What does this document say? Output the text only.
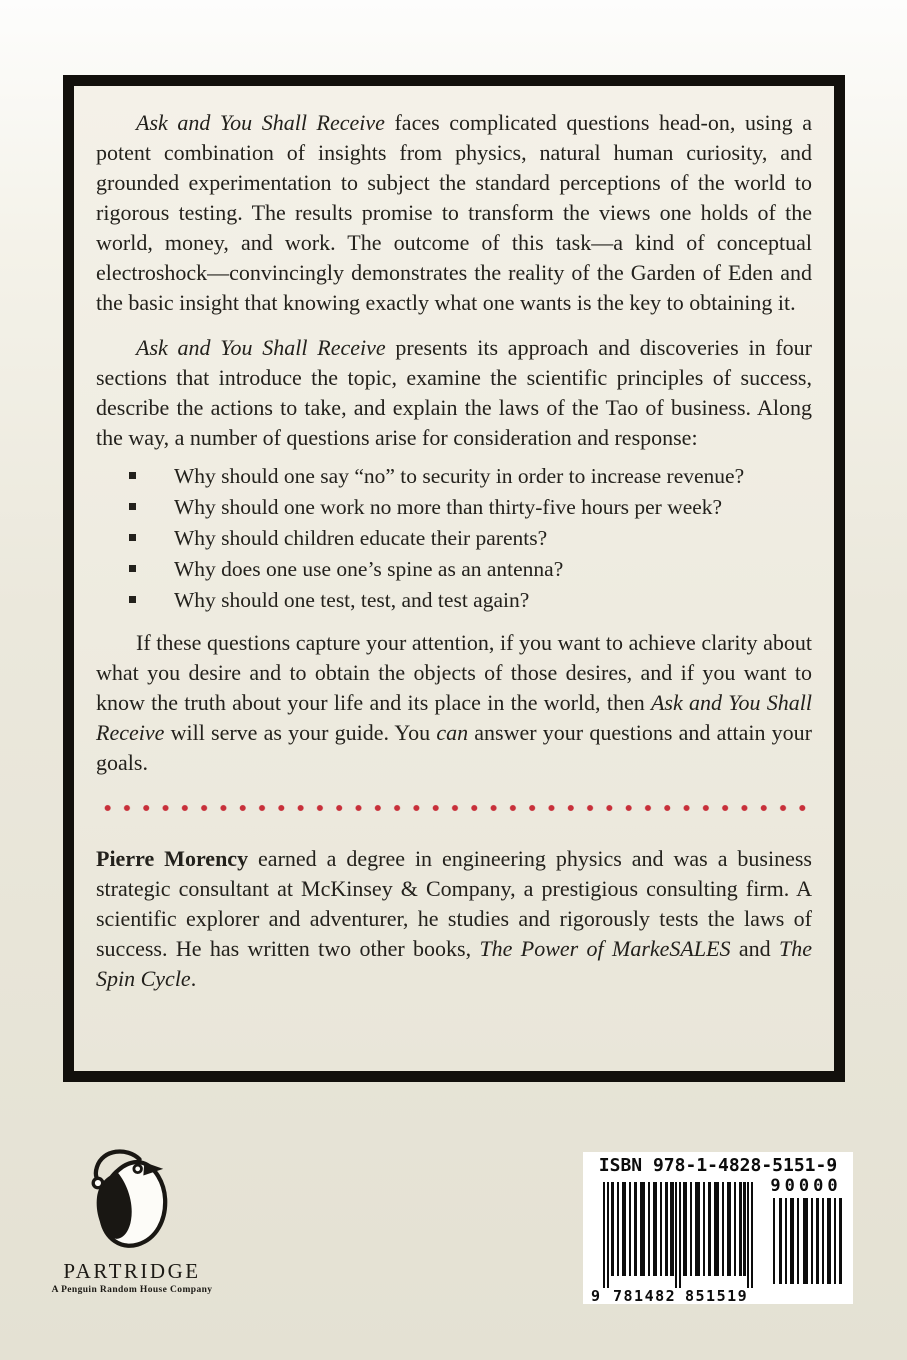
Ask and You Shall Receive faces complicated questions head-on, using a potent combination of insights from physics, natural human curiosity, and grounded experimentation to subject the standard perceptions of the world to rigorous testing. The results promise to transform the views one holds of the world, money, and work. The outcome of this task—a kind of conceptual electroshock—convincingly demonstrates the reality of the Garden of Eden and the basic insight that knowing exactly what one wants is the key to obtaining it.

Ask and You Shall Receive presents its approach and discoveries in four sections that introduce the topic, examine the scientific principles of success, describe the actions to take, and explain the laws of the Tao of business. Along the way, a number of questions arise for consideration and response:

Why should one say “no” to security in order to increase revenue?
Why should one work no more than thirty-five hours per week?
Why should children educate their parents?
Why does one use one’s spine as an antenna?
Why should one test, test, and test again?

If these questions capture your attention, if you want to achieve clarity about what you desire and to obtain the objects of those desires, and if you want to know the truth about your life and its place in the world, then Ask and You Shall Receive will serve as your guide. You can answer your questions and attain your goals.

Pierre Morency earned a degree in engineering physics and was a business strategic consultant at McKinsey & Company, a prestigious consulting firm. A scientific explorer and adventurer, he studies and rigorously tests the laws of success. He has written two other books, The Power of MarkeSALES and The Spin Cycle.

PARTRIDGE
A Penguin Random House Company
ISBN 978-1-4828-5151-9
90000
9 781482 851519
